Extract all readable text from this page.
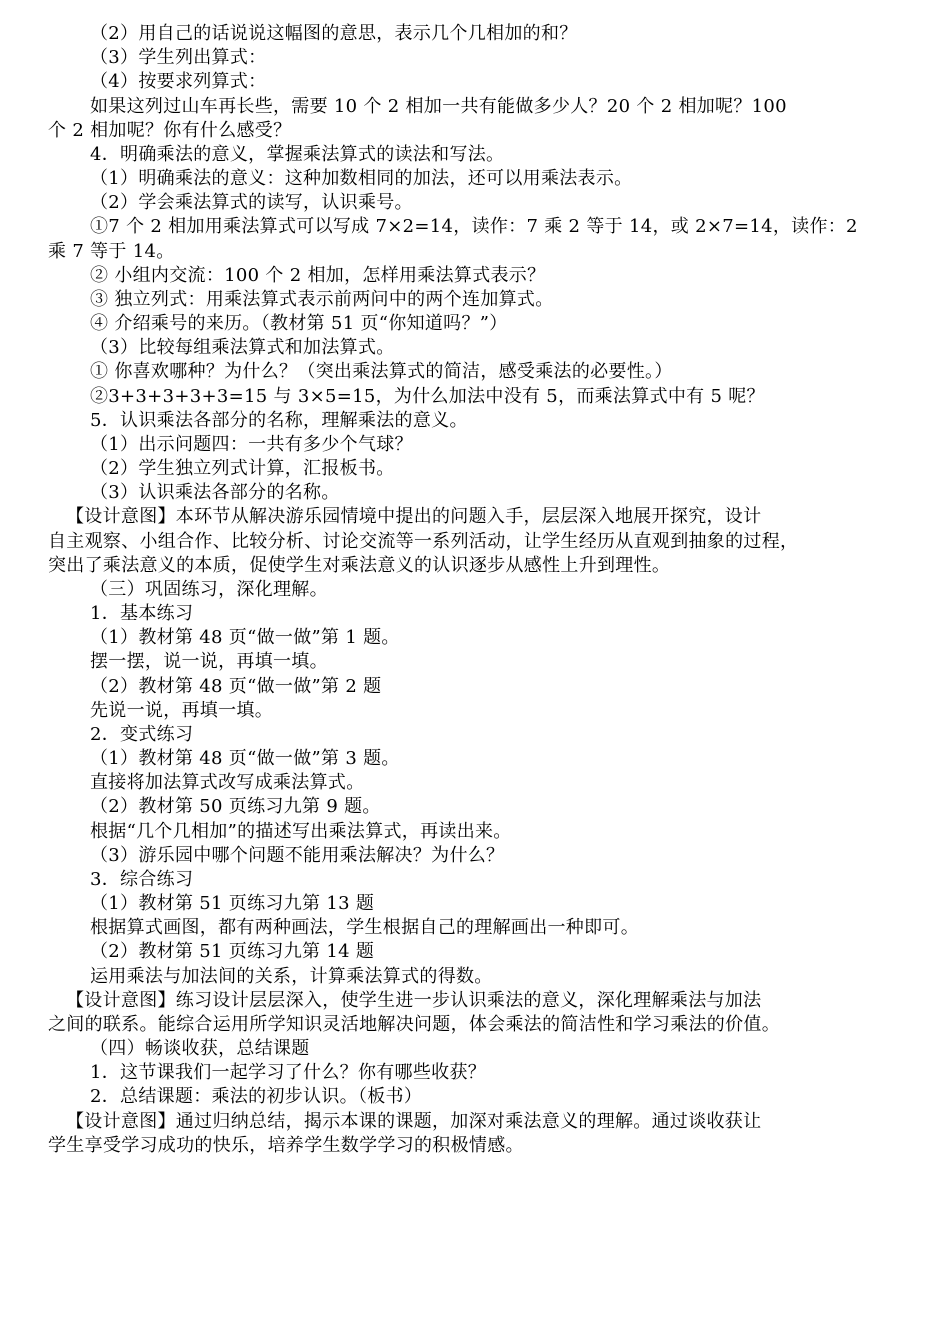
（2）用自己的话说说这幅图的意思，表示几个几相加的和？
（3）学生列出算式：
（4）按要求列算式：
如果这列过山车再长些，需要 10 个 2 相加一共有能做多少人？20 个 2 相加呢？100
个 2 相加呢？你有什么感受？
4．明确乘法的意义，掌握乘法算式的读法和写法。
（1）明确乘法的意义：这种加数相同的加法，还可以用乘法表示。
（2）学会乘法算式的读写，认识乘号。
①7 个 2 相加用乘法算式可以写成 7×2=14，读作：7 乘 2 等于 14，或 2×7=14，读作：2
乘 7 等于 14。
② 小组内交流：100 个 2 相加，怎样用乘法算式表示？
③ 独立列式：用乘法算式表示前两问中的两个连加算式。
④ 介绍乘号的来历。（教材第 51 页“你知道吗？”）
（3）比较每组乘法算式和加法算式。
① 你喜欢哪种？为什么？（突出乘法算式的简洁，感受乘法的必要性。）
②3+3+3+3+3=15 与 3×5=15，为什么加法中没有 5，而乘法算式中有 5 呢？
5．认识乘法各部分的名称，理解乘法的意义。
（1）出示问题四：一共有多少个气球？
（2）学生独立列式计算，汇报板书。
（3）认识乘法各部分的名称。
【设计意图】本环节从解决游乐园情境中提出的问题入手，层层深入地展开探究，设计
自主观察、小组合作、比较分析、讨论交流等一系列活动，让学生经历从直观到抽象的过程，
突出了乘法意义的本质，促使学生对乘法意义的认识逐步从感性上升到理性。
（三）巩固练习，深化理解。
1．基本练习
（1）教材第 48 页“做一做”第 1 题。
摆一摆，说一说，再填一填。
（2）教材第 48 页“做一做”第 2 题
先说一说，再填一填。
2．变式练习
（1）教材第 48 页“做一做”第 3 题。
直接将加法算式改写成乘法算式。
（2）教材第 50 页练习九第 9 题。
根据“几个几相加”的描述写出乘法算式，再读出来。
（3）游乐园中哪个问题不能用乘法解决？为什么？
3．综合练习
（1）教材第 51 页练习九第 13 题
根据算式画图，都有两种画法，学生根据自己的理解画出一种即可。
（2）教材第 51 页练习九第 14 题
运用乘法与加法间的关系，计算乘法算式的得数。
【设计意图】练习设计层层深入，使学生进一步认识乘法的意义，深化理解乘法与加法
之间的联系。能综合运用所学知识灵活地解决问题，体会乘法的简洁性和学习乘法的价值。
（四）畅谈收获，总结课题
1．这节课我们一起学习了什么？你有哪些收获？
2．总结课题：乘法的初步认识。（板书）
【设计意图】通过归纳总结，揭示本课的课题，加深对乘法意义的理解。通过谈收获让
学生享受学习成功的快乐，培养学生数学学习的积极情感。
